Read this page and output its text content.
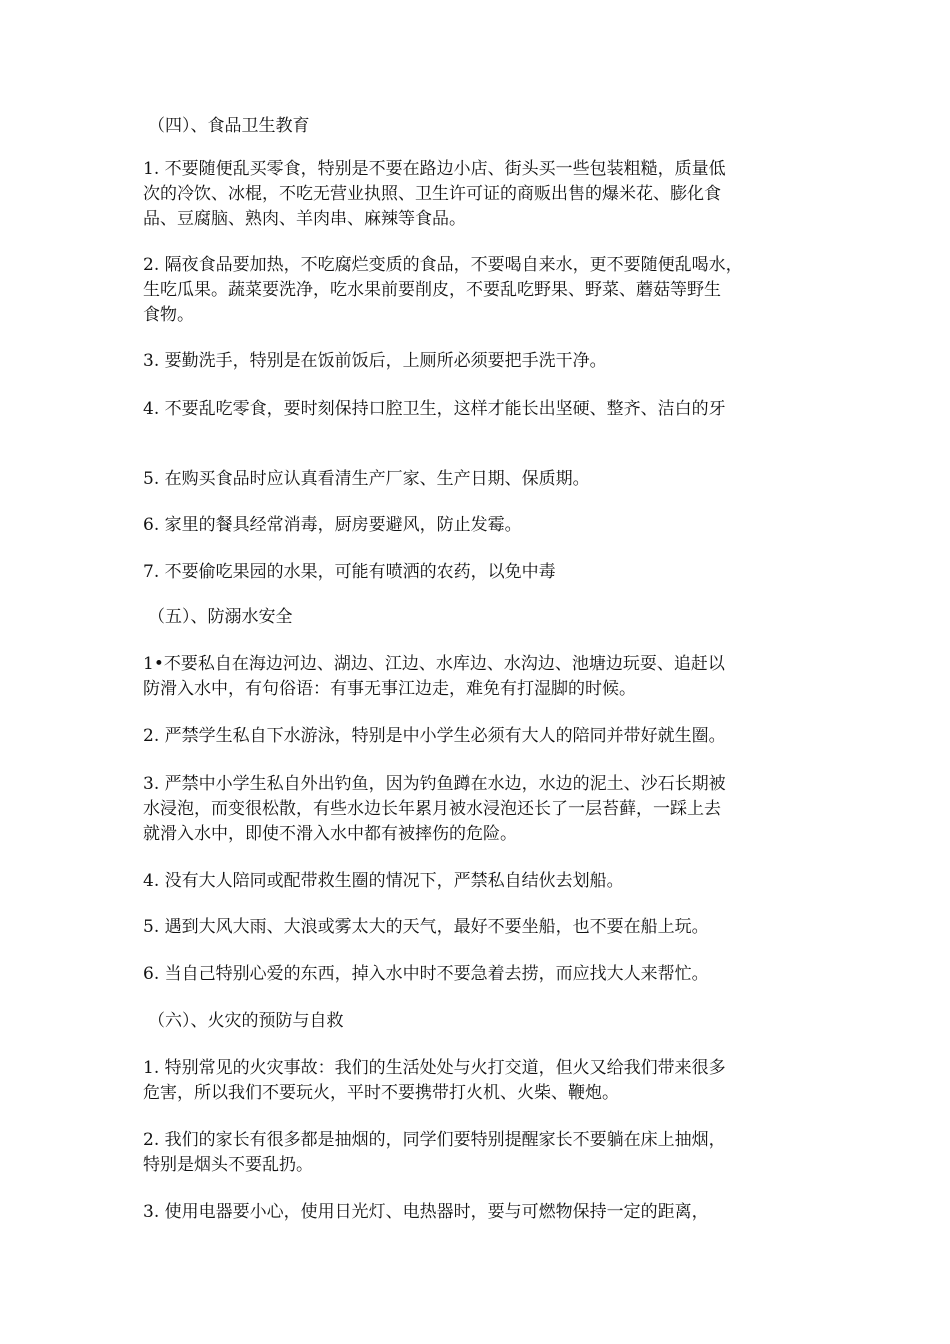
（四）、食品卫生教育
1. 不要随便乱买零食，特别是不要在路边小店、街头买一些包装粗糙，质量低
次的冷饮、冰棍，不吃无营业执照、卫生许可证的商贩出售的爆米花、膨化食
品、豆腐脑、熟肉、羊肉串、麻辣等食品。
2. 隔夜食品要加热，不吃腐烂变质的食品，不要喝自来水，更不要随便乱喝水，
生吃瓜果。蔬菜要洗净，吃水果前要削皮，不要乱吃野果、野菜、蘑菇等野生
食物。
3. 要勤洗手，特别是在饭前饭后，上厕所必须要把手洗干净。
4. 不要乱吃零食，要时刻保持口腔卫生，这样才能长出坚硬、整齐、洁白的牙
5. 在购买食品时应认真看清生产厂家、生产日期、保质期。
6. 家里的餐具经常消毒，厨房要避风，防止发霉。
7. 不要偷吃果园的水果，可能有喷洒的农药，以免中毒
（五）、防溺水安全
1•不要私自在海边河边、湖边、江边、水库边、水沟边、池塘边玩耍、追赶以
防滑入水中，有句俗语：有事无事江边走，难免有打湿脚的时候。
2. 严禁学生私自下水游泳，特别是中小学生必须有大人的陪同并带好就生圈。
3. 严禁中小学生私自外出钓鱼，因为钓鱼蹲在水边，水边的泥土、沙石长期被
水浸泡，而变很松散，有些水边长年累月被水浸泡还长了一层苔藓，一踩上去
就滑入水中，即使不滑入水中都有被摔伤的危险。
4. 没有大人陪同或配带救生圈的情况下，严禁私自结伙去划船。
5. 遇到大风大雨、大浪或雾太大的天气，最好不要坐船，也不要在船上玩。
6. 当自己特别心爱的东西，掉入水中时不要急着去捞，而应找大人来帮忙。
（六）、火灾的预防与自救
1. 特别常见的火灾事故：我们的生活处处与火打交道，但火又给我们带来很多
危害，所以我们不要玩火，平时不要携带打火机、火柴、鞭炮。
2. 我们的家长有很多都是抽烟的，同学们要特别提醒家长不要躺在床上抽烟，
特别是烟头不要乱扔。
3. 使用电器要小心，使用日光灯、电热器时，要与可燃物保持一定的距离，
